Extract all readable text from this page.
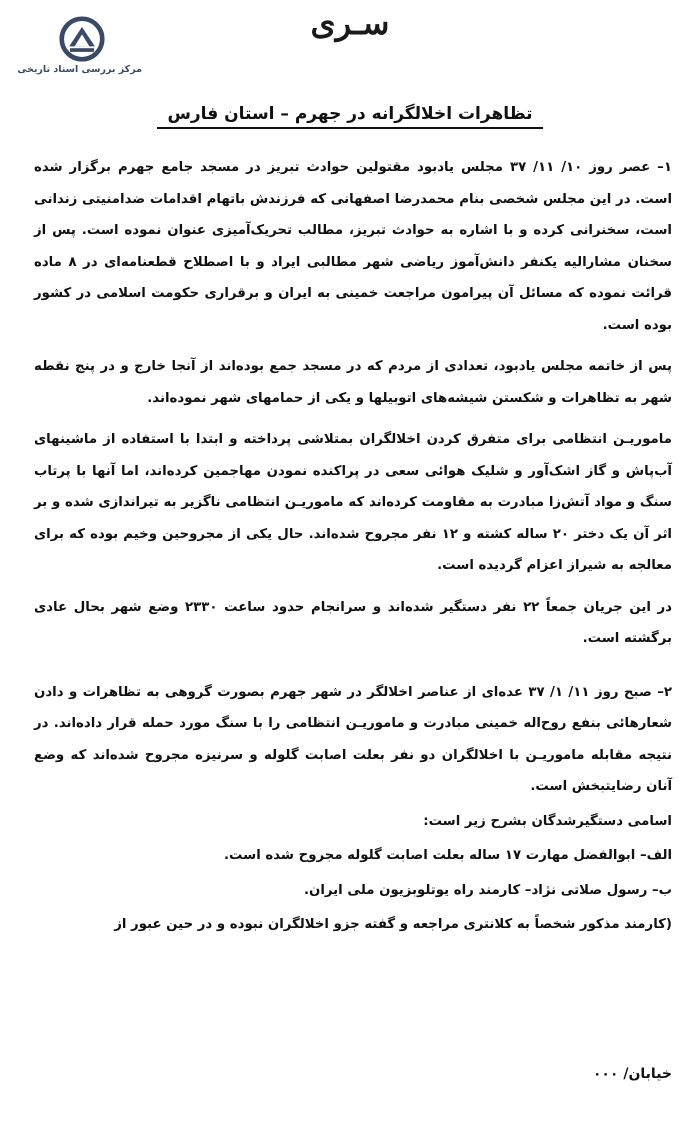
سـری
مرکز بررسی اسناد تاریخی
تظاهرات اخلالگرانه در جهرم – استان فارس

۱– عصر روز ۱۰/ ۱۱/ ۳۷ مجلس یادبود مقتولین حوادث تبریز در مسجد جامع جهرم برگزار شده است. در این مجلس شخصی بنام محمدرضا اصفهانی که فرزندش باتهام اقدامات ضدامنیتی زندانی است، سخنرانی کرده و با اشاره به حوادث تبریز، مطالب تحریک‌آمیزی عنوان نموده است. پس از سخنان مشارالیه یکنفر دانش‌آموز ریاضی شهر مطالبی ایراد و با اصطلاح قطعنامه‌ای در ۸ ماده قرائت نموده که مسائل آن پیرامون مراجعت خمینی به ایران و برقراری حکومت اسلامی در کشور بوده است.

پس از خاتمه مجلس یادبود، تعدادی از مردم که در مسجد جمع بوده‌اند از آنجا خارج و در پنج نقطه شهر به تظاهرات و شکستن شیشه‌های اتوبیلها و یکی از حمامهای شهر نموده‌اند.

ماموریـن انتظامی برای متفرق کردن اخلالگران بمتلاشی پرداخته و ابتدا با استفاده از ماشینهای آب‌پاش و گاز اشک‌آور و شلیک هوائی سعی در پراکنده نمودن مهاجمین کرده‌اند، اما آنها با پرتاب سنگ و مواد آتش‌زا مبادرت به مقاومت کرده‌اند که ماموریـن انتظامی ناگزیر به تیراندازی شده و بر اثر آن یک دختر ۲۰ ساله کشته و ۱۲ نفر مجروح شده‌اند. حال یکی از مجروحین وخیم بوده که برای معالجه به شیراز اعزام گردیده است.

در این جریان جمعاً ۲۲ نفر دستگیر شده‌اند و سرانجام حدود ساعت ۲۳۳۰ وضع شهر بحال عادی برگشته است.

۲– صبح روز ۱۱/ ۱/ ۳۷ عده‌ای از عناصر اخلالگر در شهر جهرم بصورت گروهی به تظاهرات و دادن شعارهائی بنفع روح‌اله خمینی مبادرت و ماموریـن انتظامی را با سنگ مورد حمله قرار داده‌اند. در نتیجه مقابله ماموریـن با اخلالگران دو نفر بعلت اصابت گلوله و سرنیزه مجروح شده‌اند که وضع آنان رضایتبخش است.

اسامی دستگیرشدگان بشرح زیر است:

الف– ابوالفضل مهارت ۱۷ ساله بعلت اصابت گلوله مجروح شده است.

ب– رسول صلاتی نژاد– کارمند راه یوتلوبزیون ملی ایران.

(کارمند مذکور شخصاً به کلانتری مراجعه و گفته جزو اخلالگران نبوده و در حین عبور از

خیابان/ ۰۰۰
